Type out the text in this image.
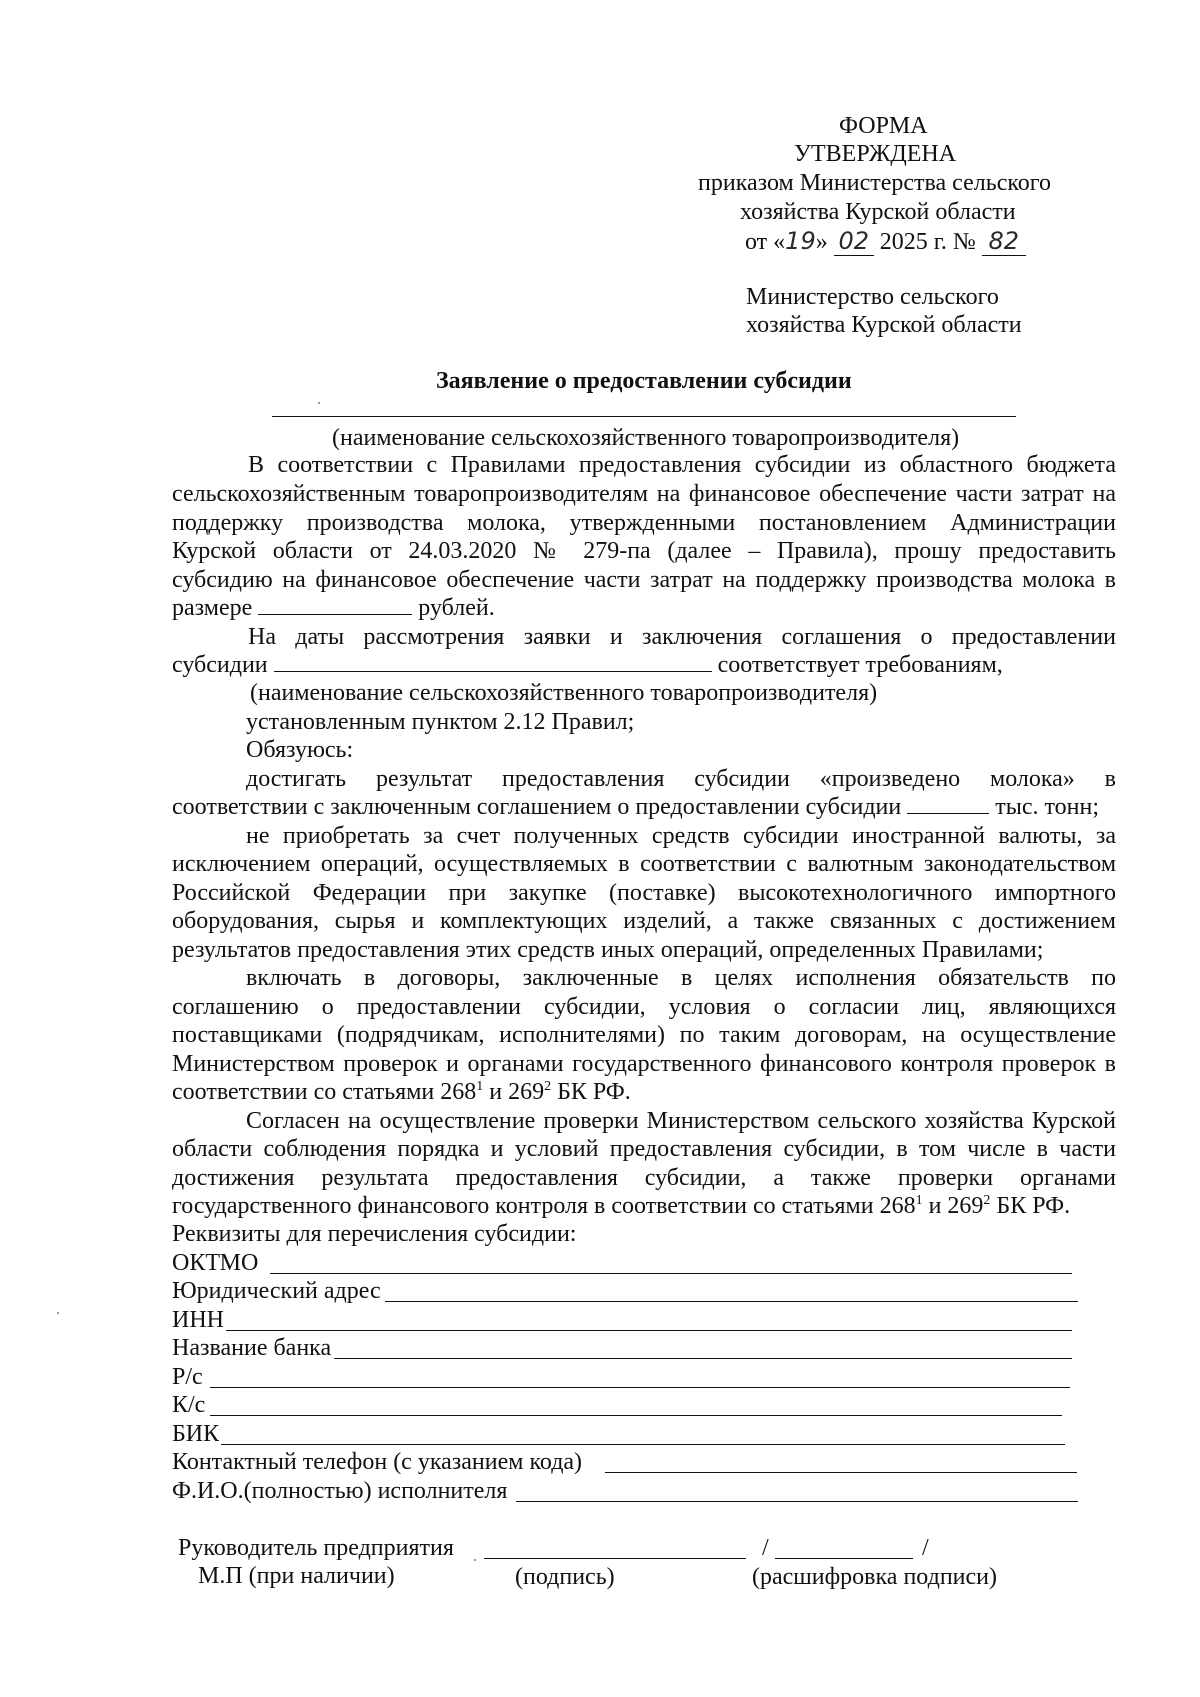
ФОРМА
УТВЕРЖДЕНА
приказом Министерства сельского
хозяйства Курской области
от «19» 02 2025 г. № 82
Министерство сельского
хозяйства Курской области
Заявление о предоставлении субсидии
(наименование сельскохозяйственного товаропроизводителя)
В соответствии с Правилами предоставления субсидии из областного бюджета
сельскохозяйственным товаропроизводителям на финансовое обеспечение части затрат на
поддержку производства молока, утвержденными постановлением Администрации
Курской области от 24.03.2020 № 279-па (далее – Правила), прошу предоставить
субсидию на финансовое обеспечение части затрат на поддержку производства молока в
размере	рублей.
На даты рассмотрения заявки и заключения соглашения о предоставлении
субсидии	соответствует требованиям,
(наименование сельскохозяйственного товаропроизводителя)
установленным пунктом 2.12 Правил;
Обязуюсь:
достигать результат предоставления субсидии «произведено молока» в
соответствии с заключенным соглашением о предоставлении субсидии	тыс. тонн;
не приобретать за счет полученных средств субсидии иностранной валюты, за
исключением операций, осуществляемых в соответствии с валютным законодательством
Российской Федерации при закупке (поставке) высокотехнологичного импортного
оборудования, сырья и комплектующих изделий, а также связанных с достижением
результатов предоставления этих средств иных операций, определенных Правилами;
включать в договоры, заключенные в целях исполнения обязательств по
соглашению о предоставлении субсидии, условия о согласии лиц, являющихся
поставщиками (подрядчикам, исполнителями) по таким договорам, на осуществление
Министерством проверок и органами государственного финансового контроля проверок в
соответствии со статьями $268^1$ и $269^2$ БК РФ.
Согласен на осуществление проверки Министерством сельского хозяйства Курской
области соблюдения порядка и условий предоставления субсидии, в том числе в части
достижения результата предоставления субсидии, а также проверки органами
государственного финансового контроля в соответствии со статьями $268^1$ и $269^2$ БК РФ.
Реквизиты для перечисления субсидии:
ОКТМО
Юридический адрес
ИНН
Название банка
Р/с
К/с
БИК
Контактный телефон (с указанием кода)
Ф.И.О.(полностью) исполнителя
Руководитель предприятия	/	/
М.П (при наличии)	(подпись)	(расшифровка подписи)
